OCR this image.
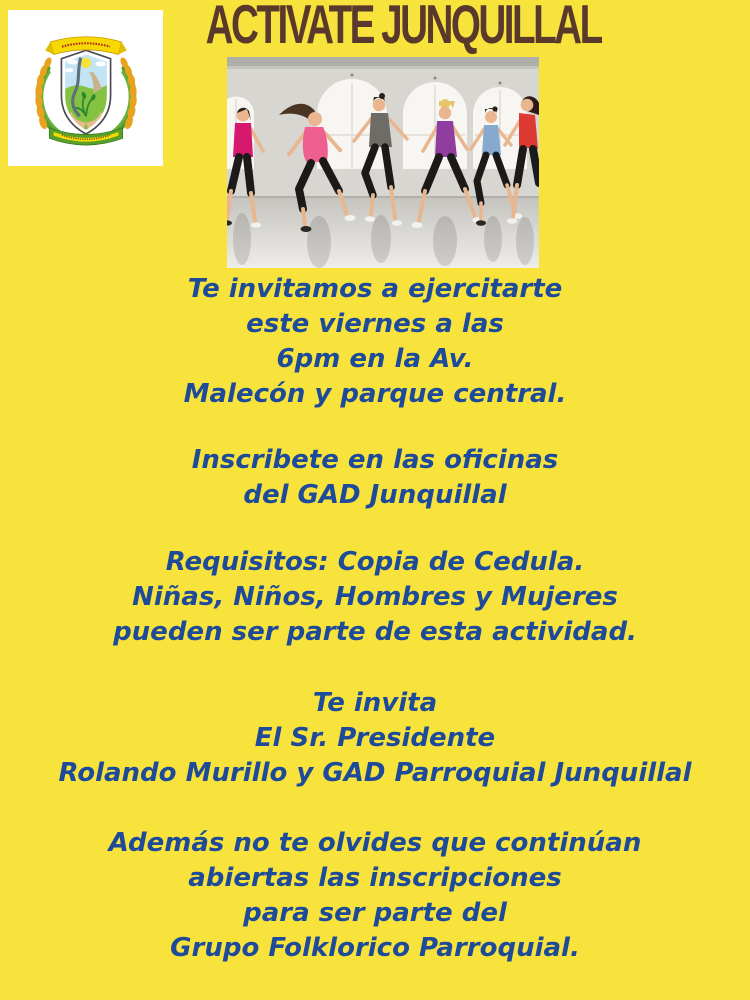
ACTIVATE JUNQUILLAL
Te invitamos a ejercitarte
este viernes a las
6pm en la Av.
Malecón y parque central.
Inscribete en las oficinas
del GAD Junquillal
Requisitos: Copia de Cedula.
Niñas, Niños, Hombres y Mujeres
pueden ser parte de esta actividad.
Te invita
El Sr. Presidente
Rolando Murillo y GAD Parroquial Junquillal
Además no te olvides que continúan
abiertas las inscripciones
para ser parte del
Grupo Folklorico Parroquial.
